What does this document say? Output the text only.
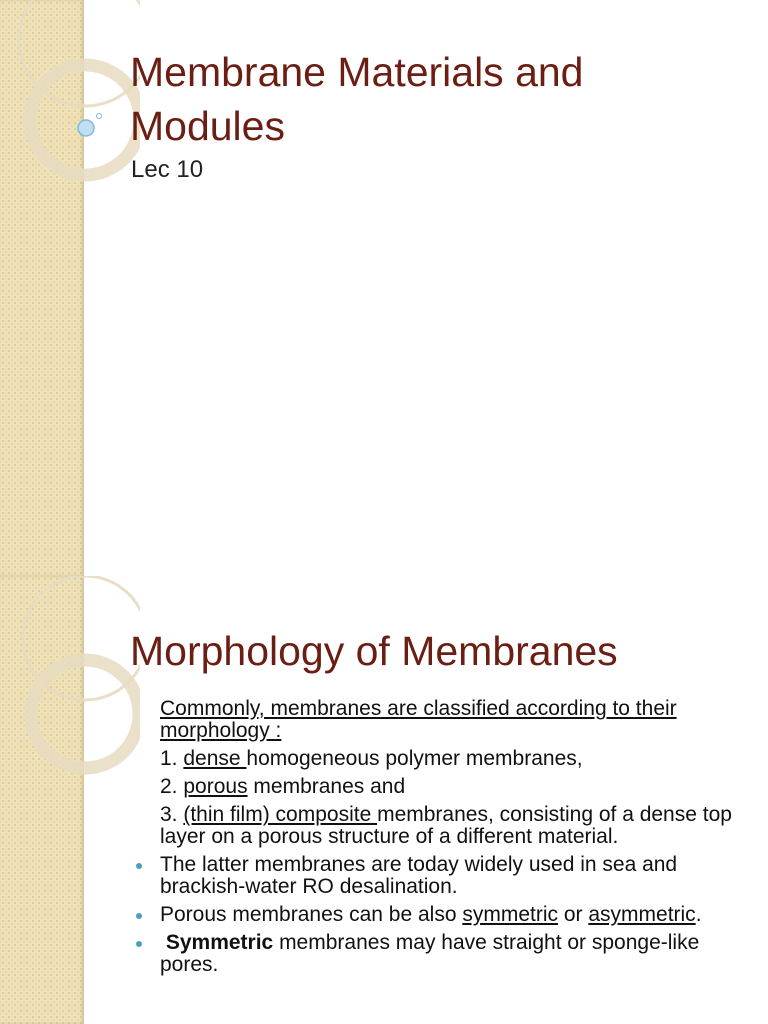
Membrane Materials and Modules
Lec 10
Morphology of Membranes

Commonly, membranes are classified according to their morphology :

1. dense homogeneous polymer membranes,

2. porous membranes and

3. (thin film) composite membranes, consisting of a dense top layer on a porous structure of a different material.

The latter membranes are today widely used in sea and brackish-water RO desalination.

Porous membranes can be also symmetric or asymmetric.

Symmetric membranes may have straight or sponge-like pores.
